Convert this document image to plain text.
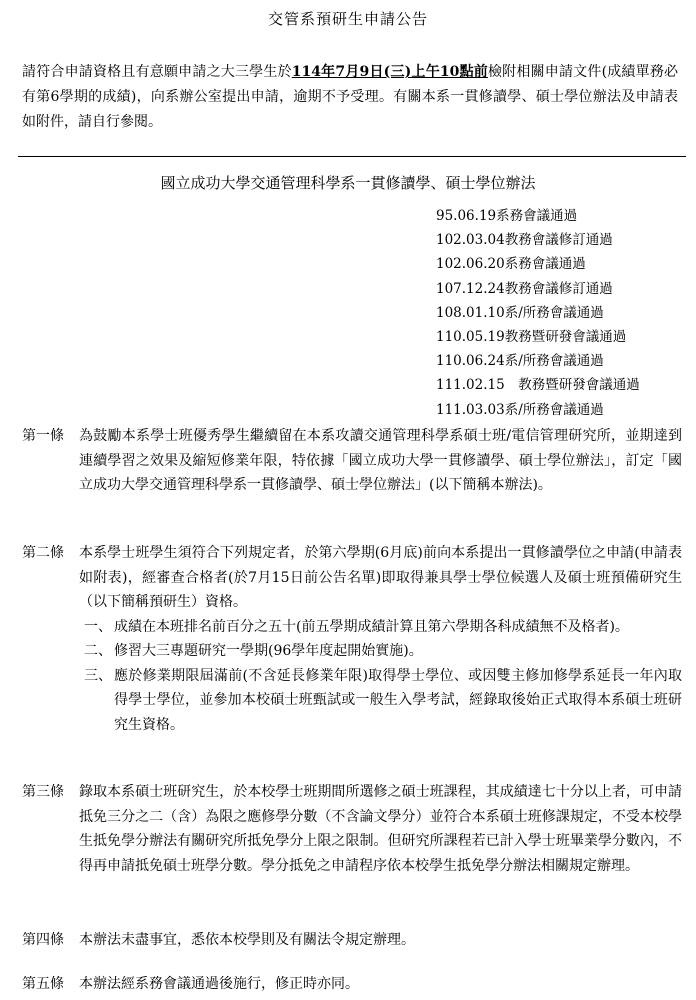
交管系預研生申請公告
請符合申請資格且有意願申請之大三學生於114年7月9日(三)上午10點前檢附相關申請文件(成績單務必有第6學期的成績)，向系辦公室提出申請，逾期不予受理。有關本系一貫修讀學、碩士學位辦法及申請表如附件，請自行參閱。
國立成功大學交通管理科學系一貫修讀學、碩士學位辦法
95.06.19系務會議通過
102.03.04教務會議修訂通過
102.06.20系務會議通過
107.12.24教務會議修訂通過
108.01.10系/所務會議通過
110.05.19教務暨研發會議通過
110.06.24系/所務會議通過
111.02.15　教務暨研發會議通過
111.03.03系/所務會議通過
第一條	為鼓勵本系學士班優秀學生繼續留在本系攻讀交通管理科學系碩士班/電信管理研究所，並期達到連續學習之效果及縮短修業年限，特依據「國立成功大學一貫修讀學、碩士學位辦法」，訂定「國立成功大學交通管理科學系一貫修讀學、碩士學位辦法」(以下簡稱本辦法)。
第二條	本系學士班學生須符合下列規定者，於第六學期(6月底)前向本系提出一貫修讀學位之申請(申請表如附表)，經審查合格者(於7月15日前公告名單)即取得兼具學士學位候選人及碩士班預備研究生（以下簡稱預研生）資格。
一、 成績在本班排名前百分之五十(前五學期成績計算且第六學期各科成績無不及格者)。
二、 修習大三專題研究一學期(96學年度起開始實施)。
三、 應於修業期限屆滿前(不含延長修業年限)取得學士學位、或因雙主修加修學系延長一年內取得學士學位，並參加本校碩士班甄試或一般生入學考試，經錄取後始正式取得本系碩士班研究生資格。
第三條	錄取本系碩士班研究生，於本校學士班期間所選修之碩士班課程，其成績達七十分以上者，可申請抵免三分之二（含）為限之應修學分數（不含論文學分）並符合本系碩士班修課規定，不受本校學生抵免學分辦法有關研究所抵免學分上限之限制。但研究所課程若已計入學士班畢業學分數內，不得再申請抵免碩士班學分數。學分抵免之申請程序依本校學生抵免學分辦法相關規定辦理。
第四條	本辦法未盡事宜，悉依本校學則及有關法令規定辦理。
第五條	本辦法經系務會議通過後施行，修正時亦同。
